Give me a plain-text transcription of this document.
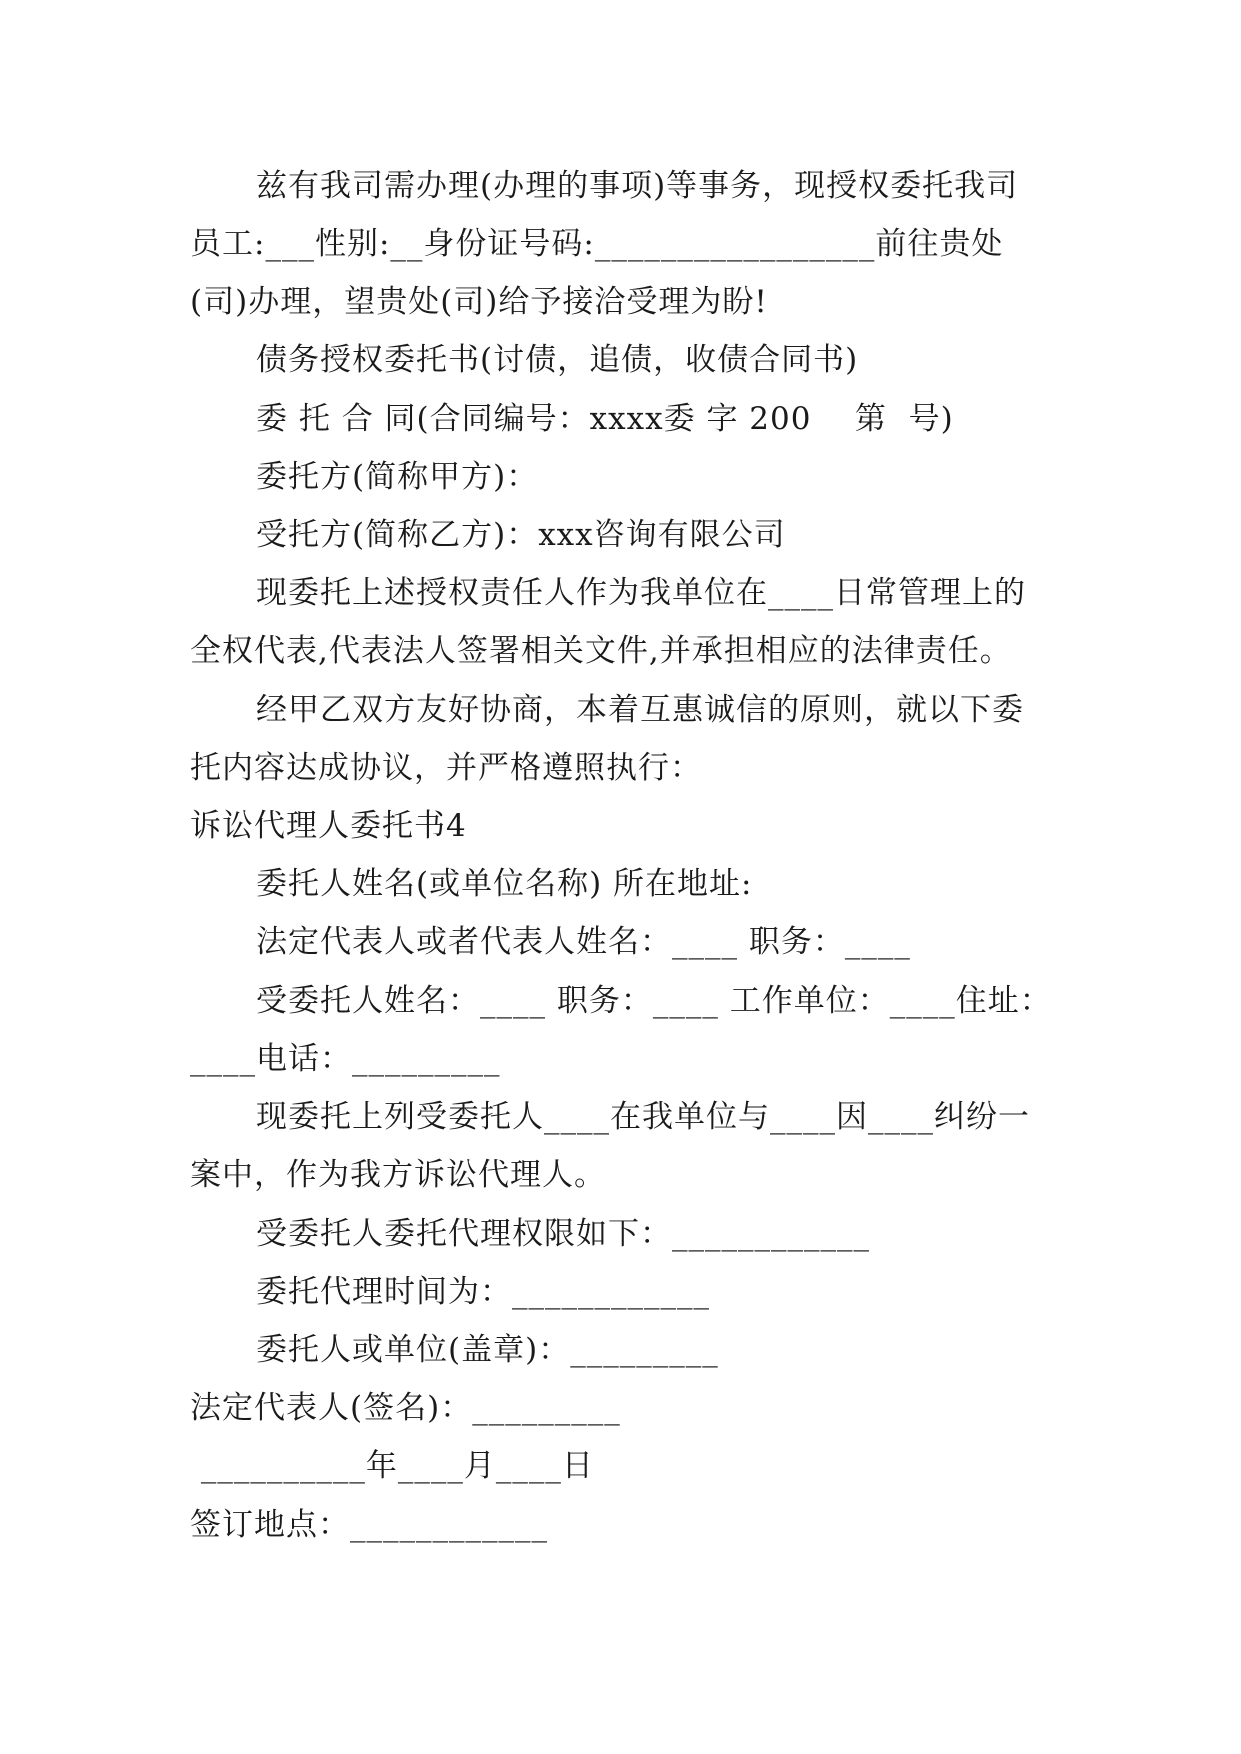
兹有我司需办理(办理的事项)等事务，现授权委托我司
员工:___性别:__身份证号码:_________________前往贵处
(司)办理，望贵处(司)给予接洽受理为盼!
债务授权委托书(讨债，追债，收债合同书)
委 托 合 同(合同编号：xxxx委 字 200    第  号)
委托方(简称甲方)：
受托方(简称乙方)：xxx咨询有限公司
现委托上述授权责任人作为我单位在____日常管理上的
全权代表,代表法人签署相关文件,并承担相应的法律责任。
经甲乙双方友好协商，本着互惠诚信的原则，就以下委
托内容达成协议，并严格遵照执行：
诉讼代理人委托书4
委托人姓名(或单位名称) 所在地址:
法定代表人或者代表人姓名：____ 职务：____
受委托人姓名：____ 职务：____ 工作单位：____住址：
____电话：_________
现委托上列受委托人____在我单位与____因____纠纷一
案中，作为我方诉讼代理人。
受委托人委托代理权限如下：____________
委托代理时间为：____________
委托人或单位(盖章)：_________
法定代表人(签名)：_________
__________年____月____日
签订地点：____________
